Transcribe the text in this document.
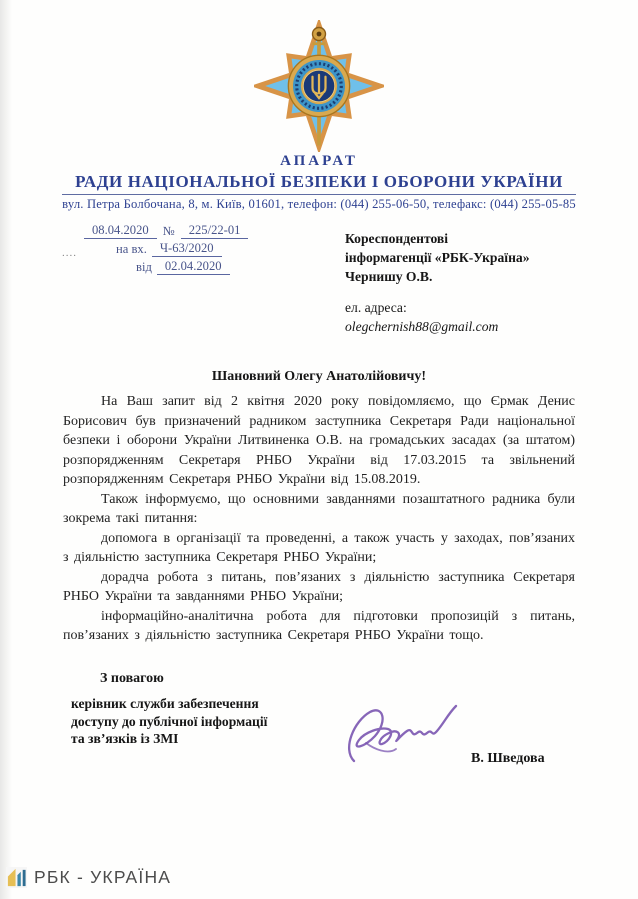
АПАРАТ
РАДИ НАЦІОНАЛЬНОЇ БЕЗПЕКИ І ОБОРОНИ УКРАЇНИ
вул. Петра Болбочана, 8, м. Київ, 01601, телефон: (044) 255-06-50, телефакс: (044) 255-05-85
08.04.2020	№	225/22-01
на вх.	Ч-63/2020
від	02.04.2020
....
Кореспондентові
інформагенції «РБК-Україна»
Чернишу О.В.
ел. адреса:
olegchernish88@gmail.com
Шановний Олегу Анатолійовичу!

На Ваш запит від 2 квітня 2020 року повідомляємо, що Єрмак Денис Борисович був призначений радником заступника Секретаря Ради національної безпеки і оборони України Литвиненка О.В. на громадських засадах (за штатом) розпорядженням Секретаря РНБО України від 17.03.2015 та звільнений розпорядженням Секретаря РНБО України від 15.08.2019.

Також інформуємо, що основними завданнями позаштатного радника були зокрема такі питання:

допомога в організації та проведенні, а також участь у заходах, пов’язаних з діяльністю заступника Секретаря РНБО України;

дорадча робота з питань, пов’язаних з діяльністю заступника Секретаря РНБО України та завданнями РНБО України;

інформаційно-аналітична робота для підготовки пропозицій з питань, пов’язаних з діяльністю заступника Секретаря РНБО України тощо.

З повагою
керівник служби забезпечення
доступу до публічної інформації
та зв’язків із ЗМІ
В. Шведова
РБК - УКРАЇНА
